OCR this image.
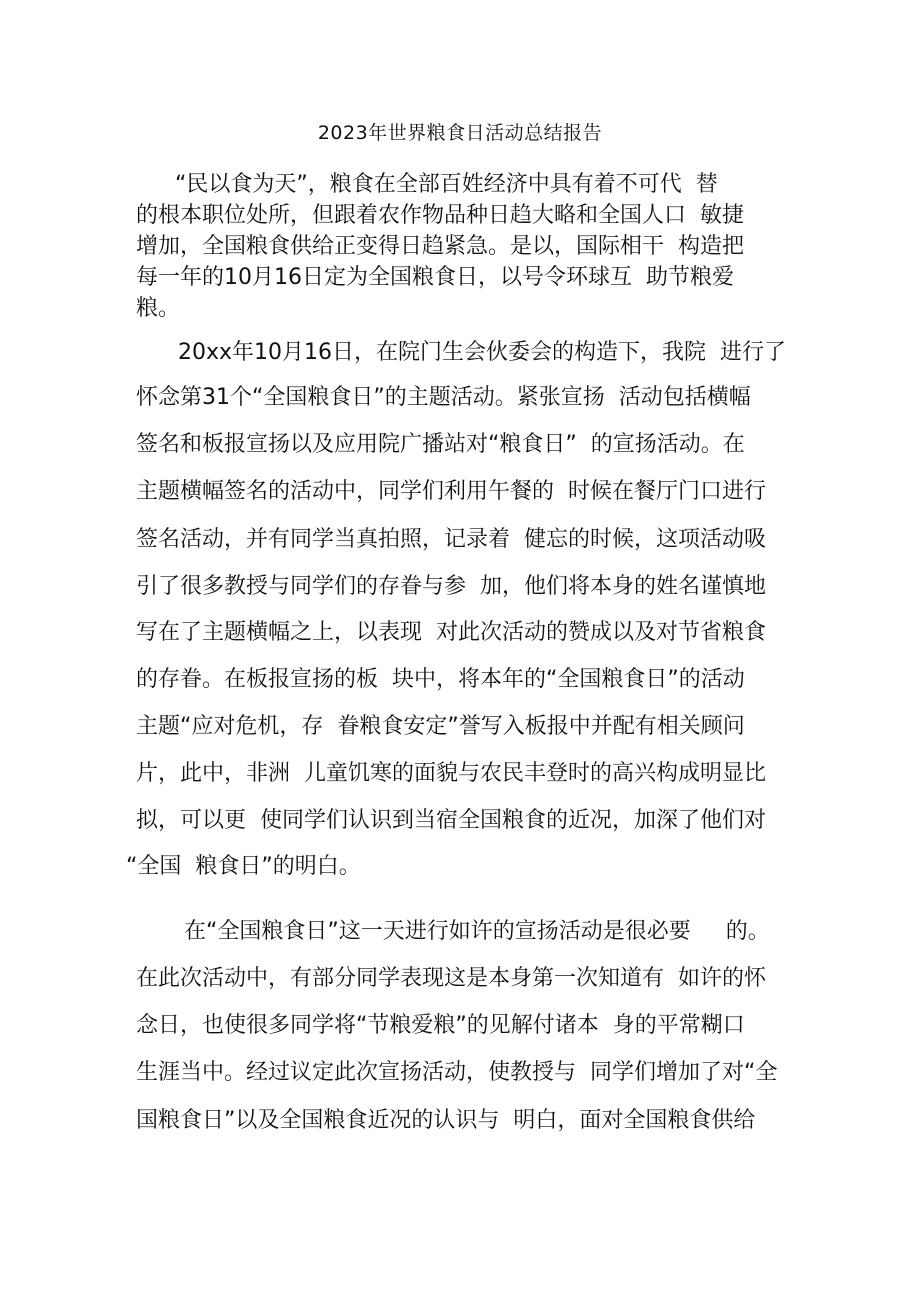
2023年世界粮食日活动总结报告
“民以食为天”，粮食在全部百姓经济中具有着不可代  替
的根本职位处所，但跟着农作物品种日趋大略和全国人口  敏捷
增加，全国粮食供给正变得日趋紧急。是以，国际相干  构造把
每一年的10月16日定为全国粮食日，以号令环球互  助节粮爱
粮。
20xx年10月16日，在院门生会伙委会的构造下，我院  进行了
怀念第31个“全国粮食日”的主题活动。紧张宣扬  活动包括横幅
签名和板报宣扬以及应用院广播站对“粮食日”  的宣扬活动。在
主题横幅签名的活动中，同学们利用午餐的  时候在餐厅门口进行
签名活动，并有同学当真拍照，记录着  健忘的时候，这项活动吸
引了很多教授与同学们的存眷与参  加，他们将本身的姓名谨慎地
写在了主题横幅之上，以表现  对此次活动的赞成以及对节省粮食
的存眷。在板报宣扬的板  块中，将本年的“全国粮食日”的活动
主题“应对危机，存  眷粮食安定”誉写入板报中并配有相关顾问
片，此中，非洲  儿童饥寒的面貌与农民丰登时的高兴构成明显比
拟，可以更  使同学们认识到当宿全国粮食的近况，加深了他们对
“全国  粮食日”的明白。
在“全国粮食日”这一天进行如许的宣扬活动是很必要     的。
在此次活动中，有部分同学表现这是本身第一次知道有  如许的怀
念日，也使很多同学将“节粮爱粮”的见解付诸本  身的平常糊口
生涯当中。经过议定此次宣扬活动，使教授与  同学们增加了对“全
国粮食日”以及全国粮食近况的认识与  明白，面对全国粮食供给
